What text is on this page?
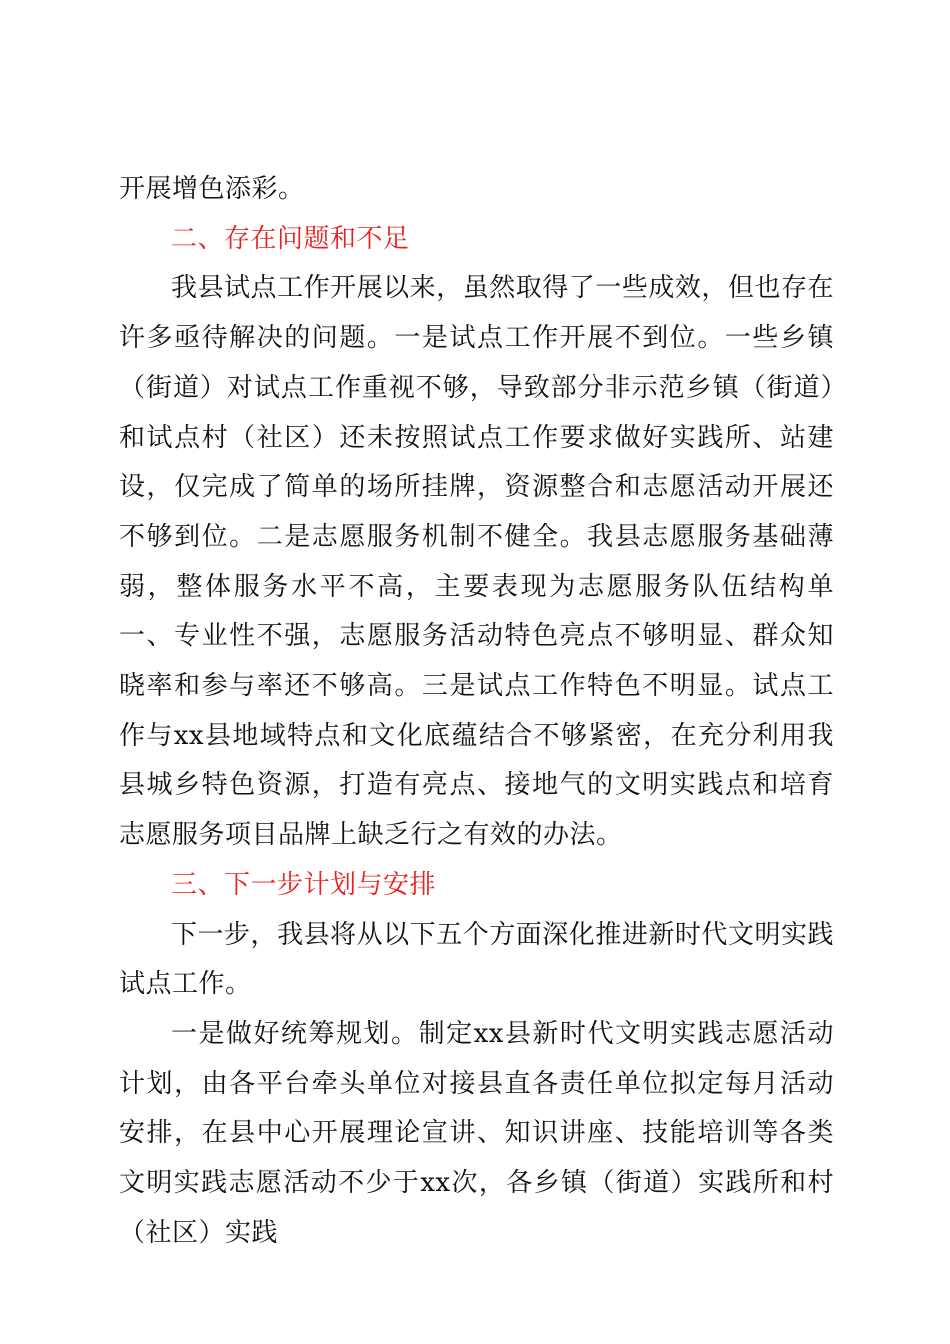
开展增色添彩。

二、存在问题和不足

我县试点工作开展以来，虽然取得了一些成效，但也存在许多亟待解决的问题。一是试点工作开展不到位。一些乡镇（街道）对试点工作重视不够，导致部分非示范乡镇（街道）和试点村（社区）还未按照试点工作要求做好实践所、站建设，仅完成了简单的场所挂牌，资源整合和志愿活动开展还不够到位。二是志愿服务机制不健全。我县志愿服务基础薄弱，整体服务水平不高，主要表现为志愿服务队伍结构单一、专业性不强，志愿服务活动特色亮点不够明显、群众知晓率和参与率还不够高。三是试点工作特色不明显。试点工作与xx县地域特点和文化底蕴结合不够紧密，在充分利用我县城乡特色资源，打造有亮点、接地气的文明实践点和培育志愿服务项目品牌上缺乏行之有效的办法。

三、下一步计划与安排

下一步，我县将从以下五个方面深化推进新时代文明实践试点工作。

一是做好统筹规划。制定xx县新时代文明实践志愿活动计划，由各平台牵头单位对接县直各责任单位拟定每月活动安排，在县中心开展理论宣讲、知识讲座、技能培训等各类文明实践志愿活动不少于xx次，各乡镇（街道）实践所和村（社区）实践
